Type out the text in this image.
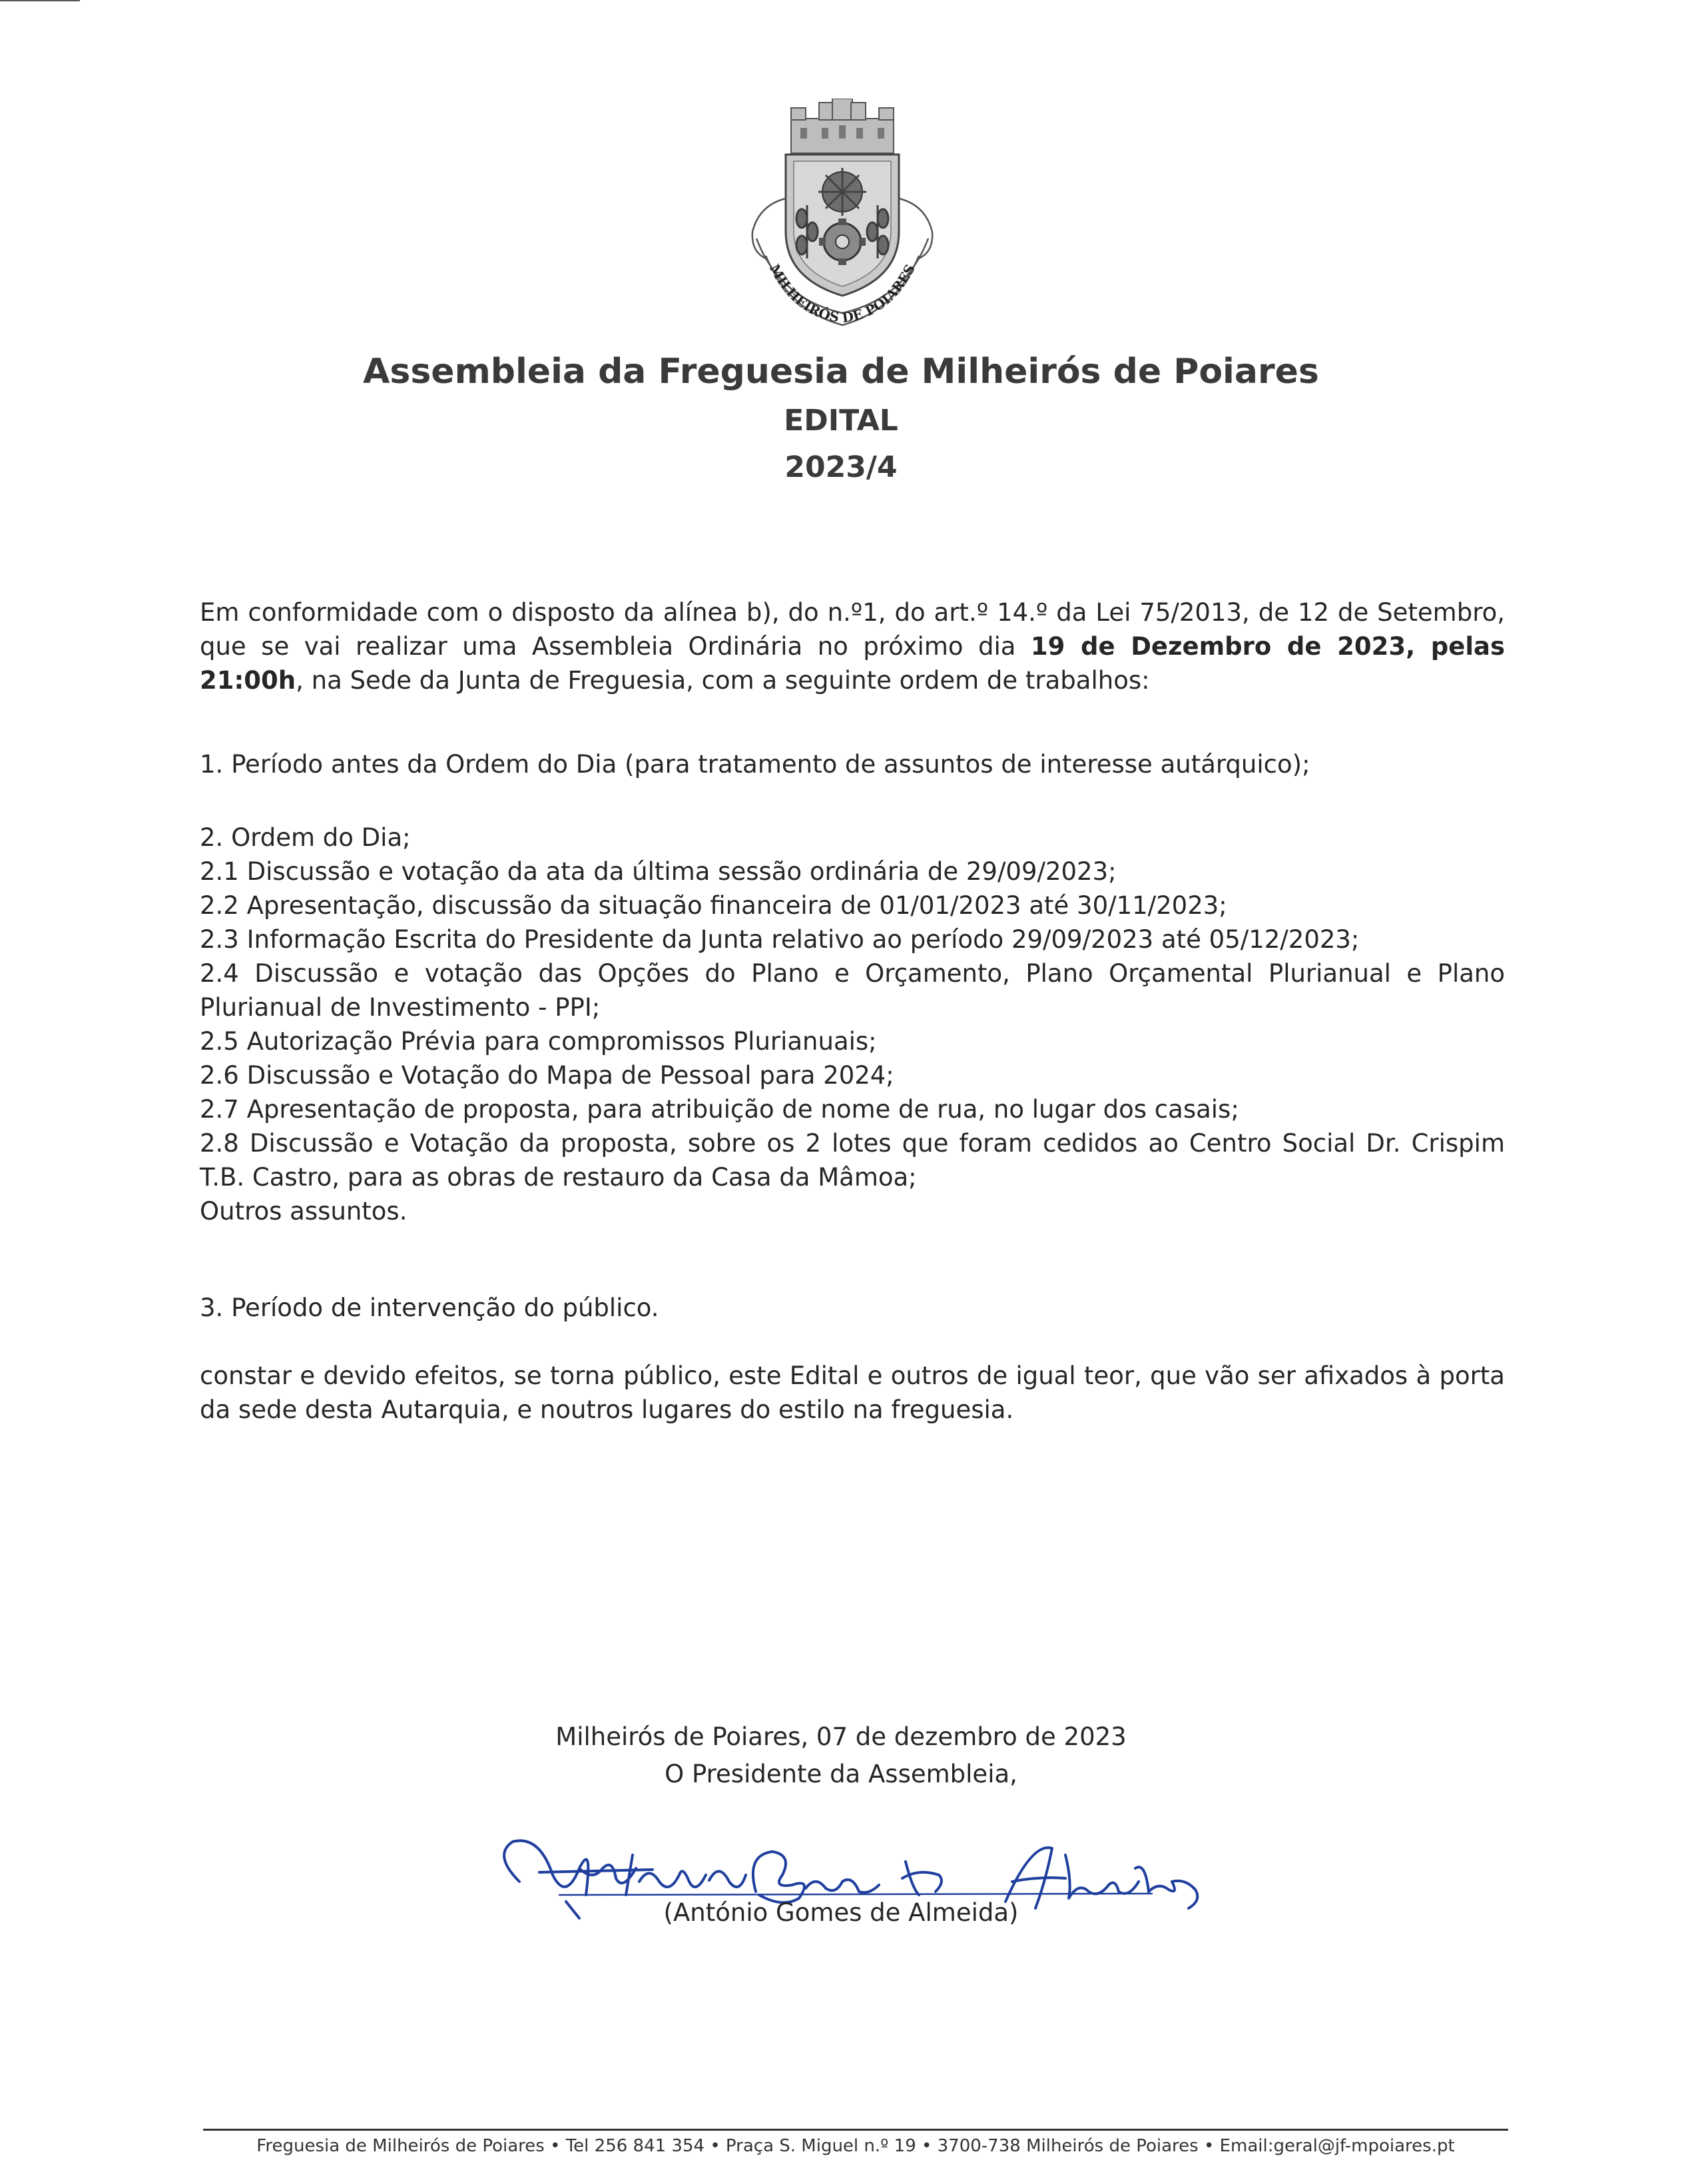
MILHEIRÓS DE POIARES
Assembleia da Freguesia de Milheirós de Poiares
EDITAL
2023/4
Em conformidade com o disposto da alínea b), do n.º1, do art.º 14.º da Lei 75/2013, de 12 de Setembro, que se vai realizar uma Assembleia Ordinária no próximo dia 19 de Dezembro de 2023, pelas 21:00h, na Sede da Junta de Freguesia, com a seguinte ordem de trabalhos:
1. Período antes da Ordem do Dia (para tratamento de assuntos de interesse autárquico);
2. Ordem do Dia;
2.1 Discussão e votação da ata da última sessão ordinária de 29/09/2023;
2.2 Apresentação, discussão da situação financeira de 01/01/2023 até 30/11/2023;
2.3 Informação Escrita do Presidente da Junta relativo ao período 29/09/2023 até 05/12/2023;
2.4 Discussão e votação das Opções do Plano e Orçamento, Plano Orçamental Plurianual e Plano Plurianual de Investimento - PPI;
2.5 Autorização Prévia para compromissos Plurianuais;
2.6 Discussão e Votação do Mapa de Pessoal para 2024;
2.7 Apresentação de proposta, para atribuição de nome de rua, no lugar dos casais;
2.8 Discussão e Votação da proposta, sobre os 2 lotes que foram cedidos ao Centro Social Dr. Crispim T.B. Castro, para as obras de restauro da Casa da Mâmoa;
Outros assuntos.
3. Período de intervenção do público.
constar e devido efeitos, se torna público, este Edital e outros de igual teor, que vão ser afixados à porta da sede desta Autarquia, e noutros lugares do estilo na freguesia.
Milheirós de Poiares, 07 de dezembro de 2023
O Presidente da Assembleia,
(António Gomes de Almeida)
Freguesia de Milheirós de Poiares • Tel 256 841 354 • Praça S. Miguel n.º 19 • 3700-738 Milheirós de Poiares • Email:geral@jf-mpoiares.pt
